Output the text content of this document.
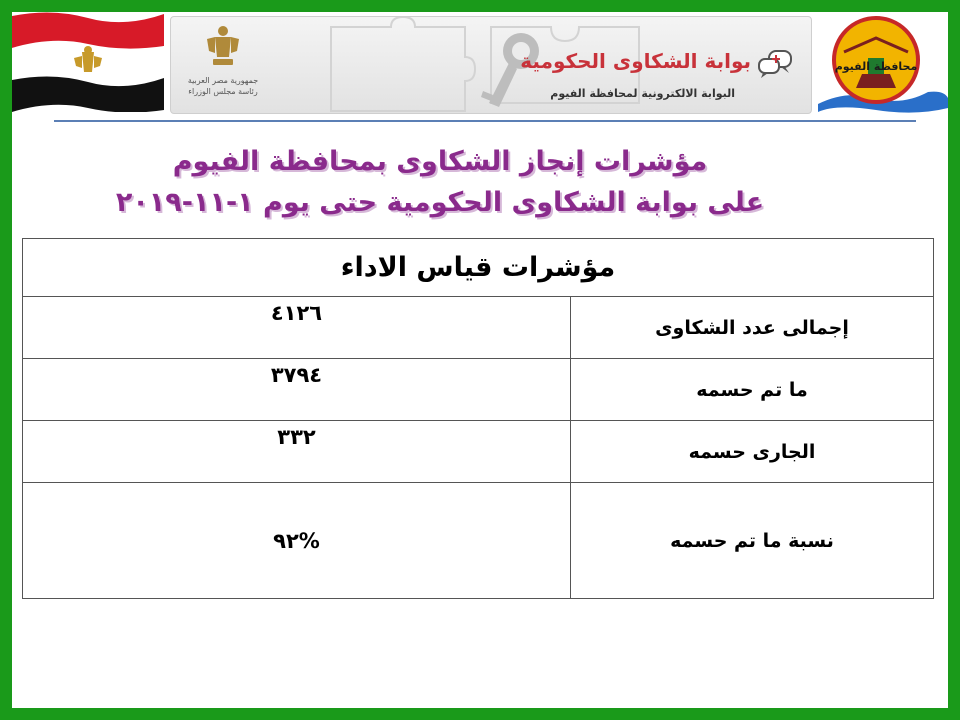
جمهورية مصر العربية
رئاسة مجلس الوزراء
بوابة الشكاوى الحكومية
البوابة الالكترونية لمحافظة الفيوم
محافظة الفيوم
مؤشرات إنجاز الشكاوى بمحافظة الفيوم
على بوابة الشكاوى الحكومية حتى يوم ١-١١-٢٠١٩
مؤشرات قياس الاداء	
إجمالى عدد الشكاوى	٤١٢٦
ما تم حسمه	٣٧٩٤
الجارى حسمه	٣٣٢
نسبة ما تم حسمه	%٩٢
